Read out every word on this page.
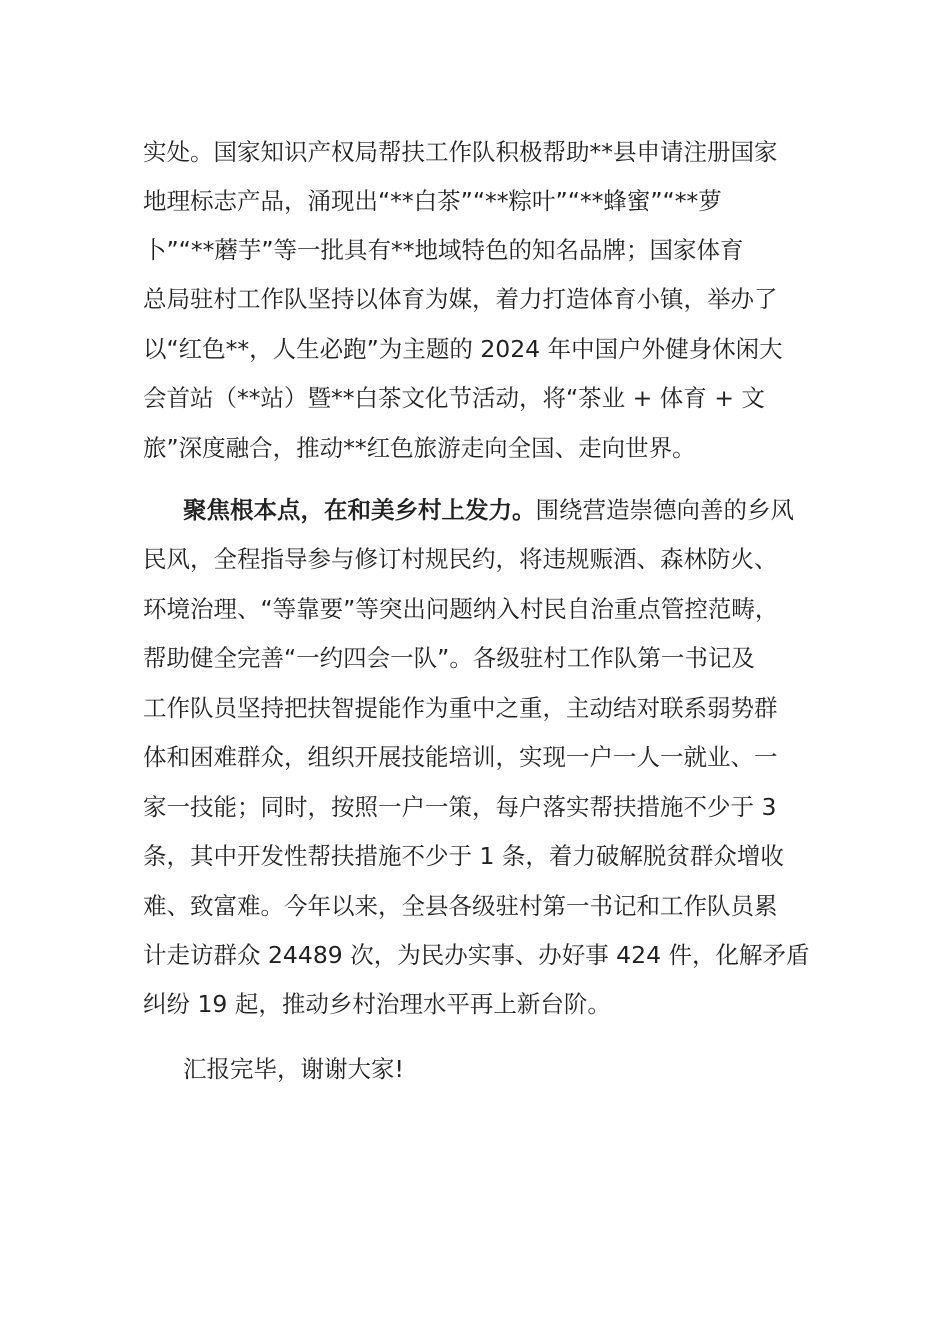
实处。国家知识产权局帮扶工作队积极帮助**县申请注册国家
地理标志产品，涌现出“**白茶”“**粽叶”“**蜂蜜”“**萝
卜”“**蘑芋”等一批具有**地域特色的知名品牌；国家体育
总局驻村工作队坚持以体育为媒，着力打造体育小镇，举办了
以“红色**，人生必跑”为主题的 2024 年中国户外健身休闲大
会首站（**站）暨**白茶文化节活动，将“茶业 + 体育 + 文
旅”深度融合，推动**红色旅游走向全国、走向世界。
聚焦根本点，在和美乡村上发力。围绕营造崇德向善的乡风
民风，全程指导参与修订村规民约，将违规赈酒、森林防火、
环境治理、“等靠要”等突出问题纳入村民自治重点管控范畴，
帮助健全完善“一约四会一队”。各级驻村工作队第一书记及
工作队员坚持把扶智提能作为重中之重，主动结对联系弱势群
体和困难群众，组织开展技能培训，实现一户一人一就业、一
家一技能；同时，按照一户一策，每户落实帮扶措施不少于 3
条，其中开发性帮扶措施不少于 1 条，着力破解脱贫群众增收
难、致富难。今年以来，全县各级驻村第一书记和工作队员累
计走访群众 24489 次，为民办实事、办好事 424 件，化解矛盾
纠纷 19 起，推动乡村治理水平再上新台阶。
汇报完毕，谢谢大家!
